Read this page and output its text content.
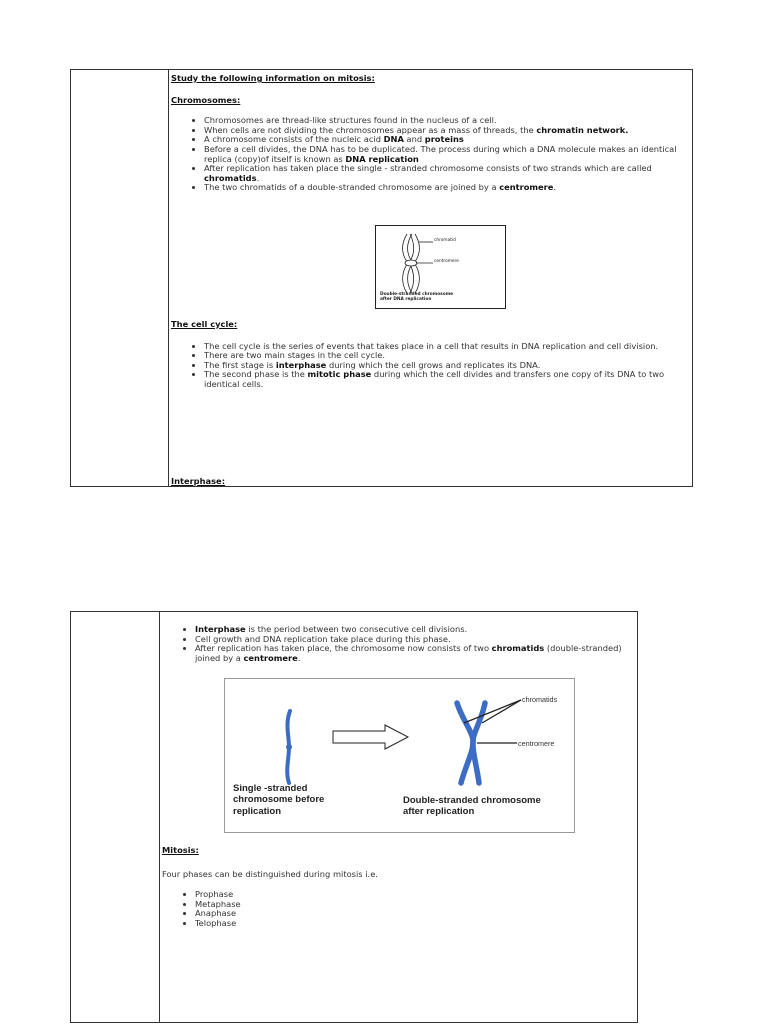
Study the following information on mitosis:
Chromosomes:
• Chromosomes are thread-like structures found in the nucleus of a cell.
• When cells are not dividing the chromosomes appear as a mass of threads, the chromatin network.
• A chromosome consists of the nucleic acid DNA and proteins
• Before a cell divides, the DNA has to be duplicated. The process during which a DNA molecule makes an identical replica (copy)of itself is known as DNA replication
• After replication has taken place the single - stranded chromosome consists of two strands which are called chromatids.
• The two chromatids of a double-stranded chromosome are joined by a centromere.
chromatid
centromere
Double-stranded chromosome after DNA replication
The cell cycle:
• The cell cycle is the series of events that takes place in a cell that results in DNA replication and cell division.
• There are two main stages in the cell cycle.
• The first stage is interphase during which the cell grows and replicates its DNA.
• The second phase is the mitotic phase during which the cell divides and transfers one copy of its DNA to two identical cells.
Interphase:
• Interphase is the period between two consecutive cell divisions.
• Cell growth and DNA replication take place during this phase.
• After replication has taken place, the chromosome now consists of two chromatids (double-stranded) joined by a centromere.
chromatids
centromere
Single -stranded chromosome before replication
Double-stranded chromosome after replication
Mitosis:
Four phases can be distinguished during mitosis i.e.
• Prophase
• Metaphase
• Anaphase
• Telophase
